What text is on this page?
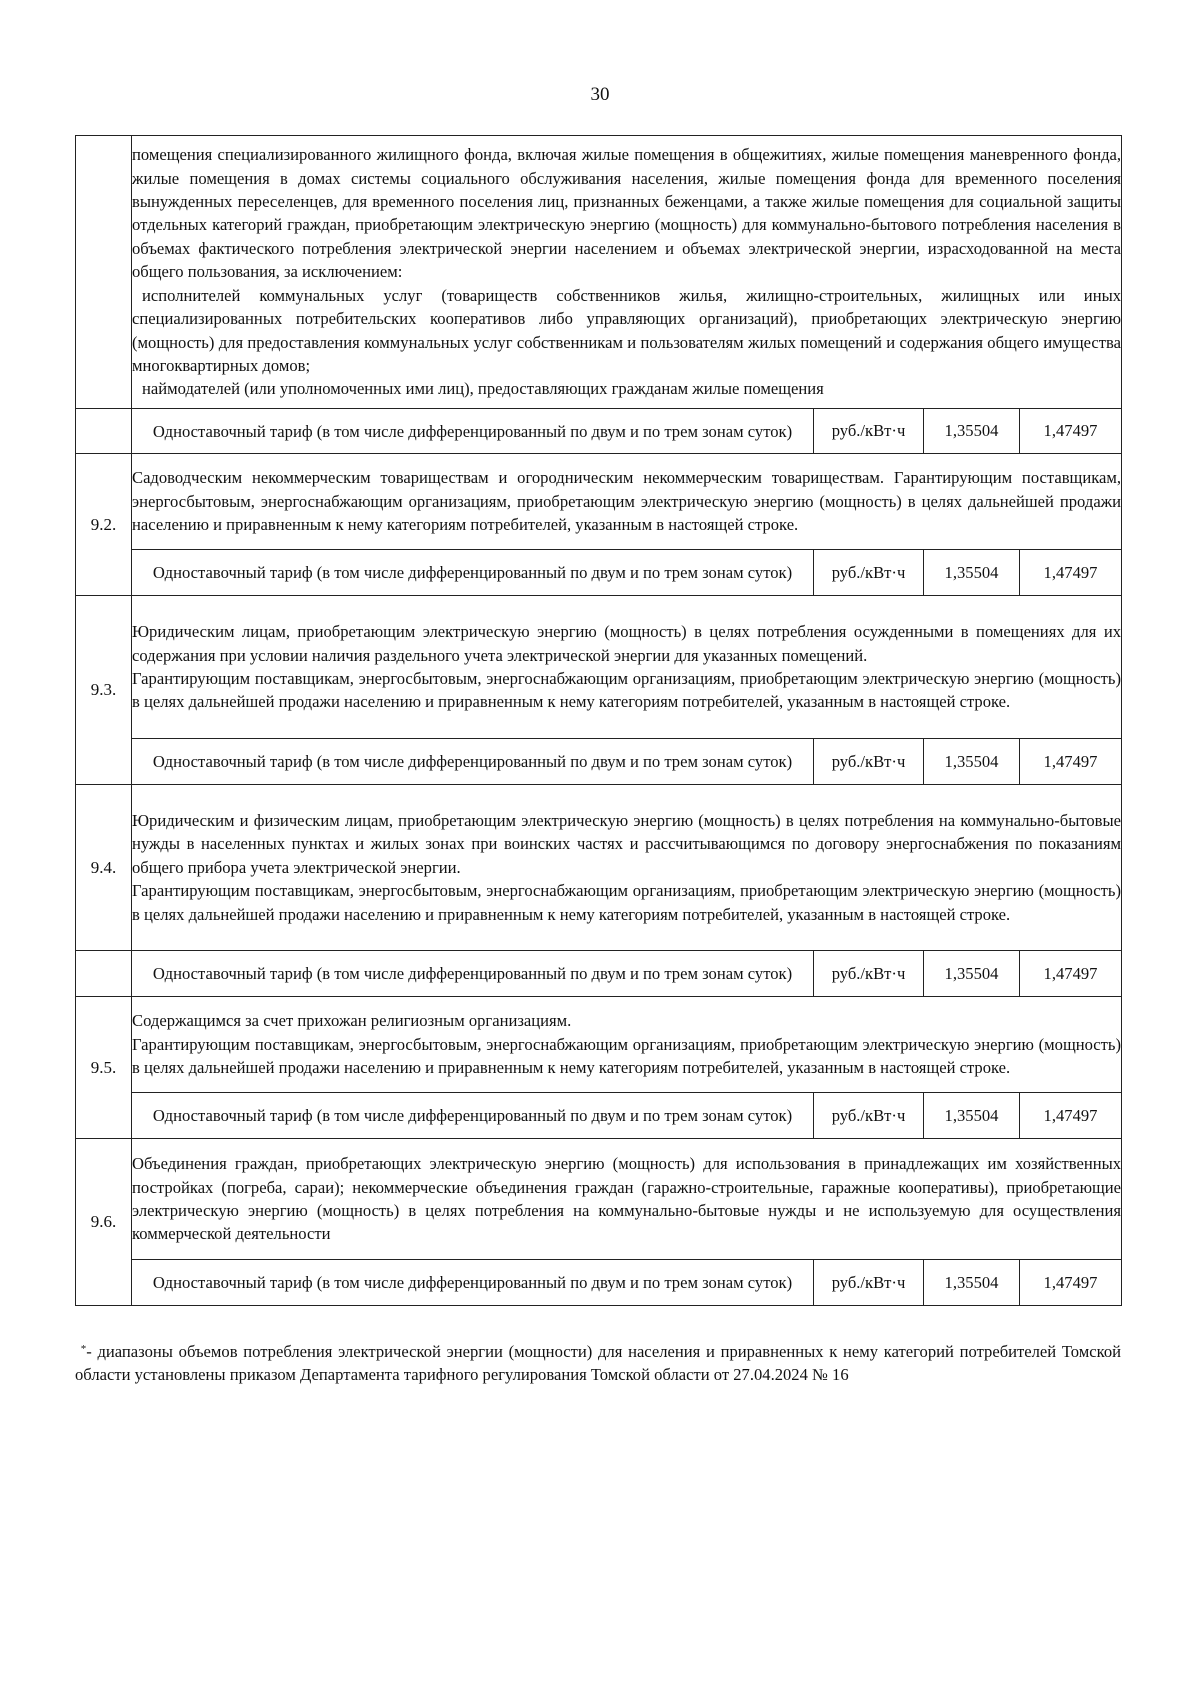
30

	помещения специализированного жилищного фонда, включая жилые помещения в общежитиях, жилые помещения маневренного фонда, жилые помещения в домах системы социального обслуживания населения, жилые помещения фонда для временного поселения вынужденных переселенцев, для временного поселения лиц, признанных беженцами, а также жилые помещения для социальной защиты отдельных категорий граждан, приобретающим электрическую энергию (мощность) для коммунально-бытового потребления населения в объемах фактического потребления электрической энергии населением и объемах электрической энергии, израсходованной на места общего пользования, за исключением:

исполнителей коммунальных услуг (товариществ собственников жилья, жилищно-строительных, жилищных или иных специализированных потребительских кооперативов либо управляющих организаций), приобретающих электрическую энергию (мощность) для предоставления коммунальных услуг собственникам и пользователям жилых помещений и содержания общего имущества многоквартирных домов;

наймодателей (или уполномоченных ими лиц), предоставляющих гражданам жилые помещения			

	Одноставочный тариф (в том числе дифференцированный по двум и по трем зонам суток)	руб./кВт·ч	1,35504	1,47497
9.2.	Садоводческим некоммерческим товариществам и огородническим некоммерческим товариществам. Гарантирующим поставщикам, энергосбытовым, энергоснабжающим организациям, приобретающим электрическую энергию (мощность) в целях дальнейшей продажи населению и приравненным к нему категориям потребителей, указанным в настоящей строке.			

	Одноставочный тариф (в том числе дифференцированный по двум и по трем зонам суток)	руб./кВт·ч	1,35504	1,47497
9.3.	Юридическим лицам, приобретающим электрическую энергию (мощность) в целях потребления осужденными в помещениях для их содержания при условии наличия раздельного учета электрической энергии для указанных помещений.

Гарантирующим поставщикам, энергосбытовым, энергоснабжающим организациям, приобретающим электрическую энергию (мощность) в целях дальнейшей продажи населению и приравненным к нему категориям потребителей, указанным в настоящей строке.			

	Одноставочный тариф (в том числе дифференцированный по двум и по трем зонам суток)	руб./кВт·ч	1,35504	1,47497
9.4.	Юридическим и физическим лицам, приобретающим электрическую энергию (мощность) в целях потребления на коммунально-бытовые нужды в населенных пунктах и жилых зонах при воинских частях и рассчитывающимся по договору энергоснабжения по показаниям общего прибора учета электрической энергии.

Гарантирующим поставщикам, энергосбытовым, энергоснабжающим организациям, приобретающим электрическую энергию (мощность) в целях дальнейшей продажи населению и приравненным к нему категориям потребителей, указанным в настоящей строке.			

	Одноставочный тариф (в том числе дифференцированный по двум и по трем зонам суток)	руб./кВт·ч	1,35504	1,47497
9.5.	Содержащимся за счет прихожан религиозным организациям.

Гарантирующим поставщикам, энергосбытовым, энергоснабжающим организациям, приобретающим электрическую энергию (мощность) в целях дальнейшей продажи населению и приравненным к нему категориям потребителей, указанным в настоящей строке.			

	Одноставочный тариф (в том числе дифференцированный по двум и по трем зонам суток)	руб./кВт·ч	1,35504	1,47497
9.6.	Объединения граждан, приобретающих электрическую энергию (мощность) для использования в принадлежащих им хозяйственных постройках (погреба, сараи); некоммерческие объединения граждан (гаражно-строительные, гаражные кооперативы), приобретающие электрическую энергию (мощность) в целях потребления на коммунально-бытовые нужды и не используемую для осуществления коммерческой деятельности			

	Одноставочный тариф (в том числе дифференцированный по двум и по трем зонам суток)	руб./кВт·ч	1,35504	1,47497
*- диапазоны объемов потребления электрической энергии (мощности) для населения и приравненных к нему категорий потребителей Томской области установлены приказом Департамента тарифного регулирования Томской области от 27.04.2024 № 16
